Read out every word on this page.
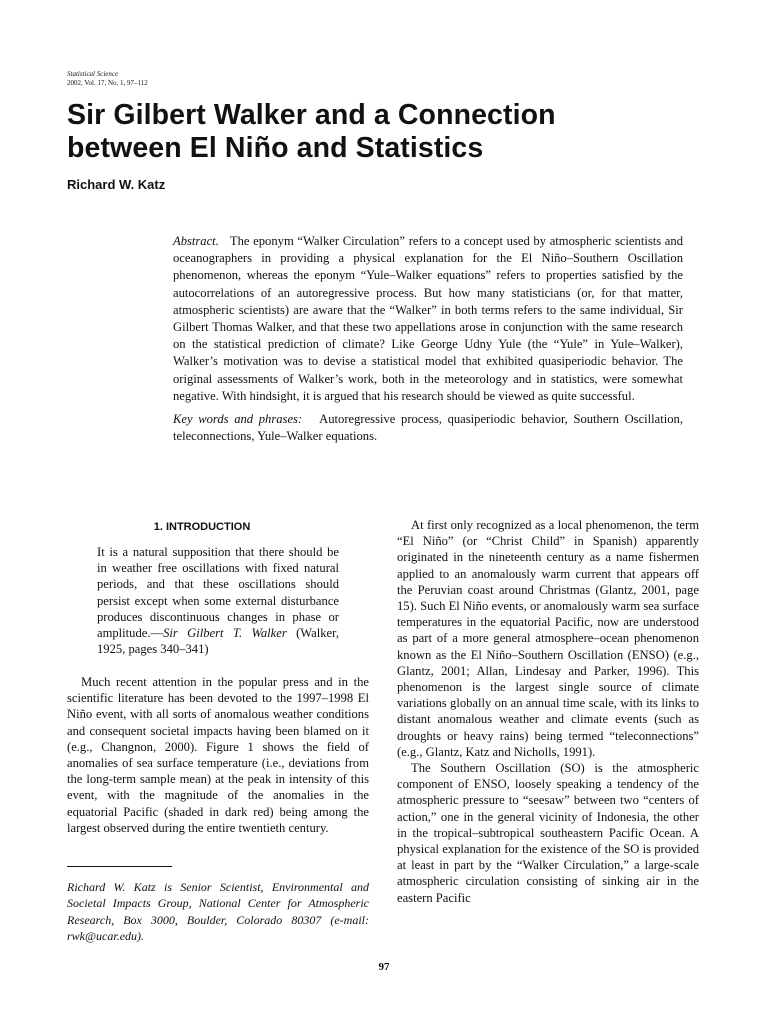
Statistical Science
2002, Vol. 17, No. 1, 97–112
Sir Gilbert Walker and a Connection
between El Niño and Statistics
Richard W. Katz

Abstract. The eponym “Walker Circulation” refers to a concept used by atmospheric scientists and oceanographers in providing a physical explanation for the El Niño–Southern Oscillation phenomenon, whereas the eponym “Yule–Walker equations” refers to properties satisfied by the autocorrelations of an autoregressive process. But how many statisticians (or, for that matter, atmospheric scientists) are aware that the “Walker” in both terms refers to the same individual, Sir Gilbert Thomas Walker, and that these two appellations arose in conjunction with the same research on the statistical prediction of climate? Like George Udny Yule (the “Yule” in Yule–Walker), Walker’s motivation was to devise a statistical model that exhibited quasiperiodic behavior. The original assessments of Walker’s work, both in the meteorology and in statistics, were somewhat negative. With hindsight, it is argued that his research should be viewed as quite successful.

Key words and phrases: Autoregressive process, quasiperiodic behavior, Southern Oscillation, teleconnections, Yule–Walker equations.

1. INTRODUCTION

It is a natural supposition that there should be in weather free oscillations with fixed natural periods, and that these oscillations should persist except when some external disturbance produces discontinuous changes in phase or amplitude.—Sir Gilbert T. Walker (Walker, 1925, pages 340–341)

Much recent attention in the popular press and in the scientific literature has been devoted to the 1997–1998 El Niño event, with all sorts of anomalous weather conditions and consequent societal impacts having been blamed on it (e.g., Changnon, 2000). Figure 1 shows the field of anomalies of sea surface temperature (i.e., deviations from the long-term sample mean) at the peak in intensity of this event, with the magnitude of the anomalies in the equatorial Pacific (shaded in dark red) being among the largest observed during the entire twentieth century.

Richard W. Katz is Senior Scientist, Environmental and Societal Impacts Group, National Center for Atmospheric Research, Box 3000, Boulder, Colorado 80307 (e-mail: rwk@ucar.edu).

At first only recognized as a local phenomenon, the term “El Niño” (or “Christ Child” in Spanish) apparently originated in the nineteenth century as a name fishermen applied to an anomalously warm current that appears off the Peruvian coast around Christmas (Glantz, 2001, page 15). Such El Niño events, or anomalously warm sea surface temperatures in the equatorial Pacific, now are understood as part of a more general atmosphere–ocean phenomenon known as the El Niño–Southern Oscillation (ENSO) (e.g., Glantz, 2001; Allan, Lindesay and Parker, 1996). This phenomenon is the largest single source of climate variations globally on an annual time scale, with its links to distant anomalous weather and climate events (such as droughts or heavy rains) being termed “teleconnections” (e.g., Glantz, Katz and Nicholls, 1991).

The Southern Oscillation (SO) is the atmospheric component of ENSO, loosely speaking a tendency of the atmospheric pressure to “seesaw” between two “centers of action,” one in the general vicinity of Indonesia, the other in the tropical–subtropical southeastern Pacific Ocean. A physical explanation for the existence of the SO is provided at least in part by the “Walker Circulation,” a large-scale atmospheric circulation consisting of sinking air in the eastern Pacific

97
